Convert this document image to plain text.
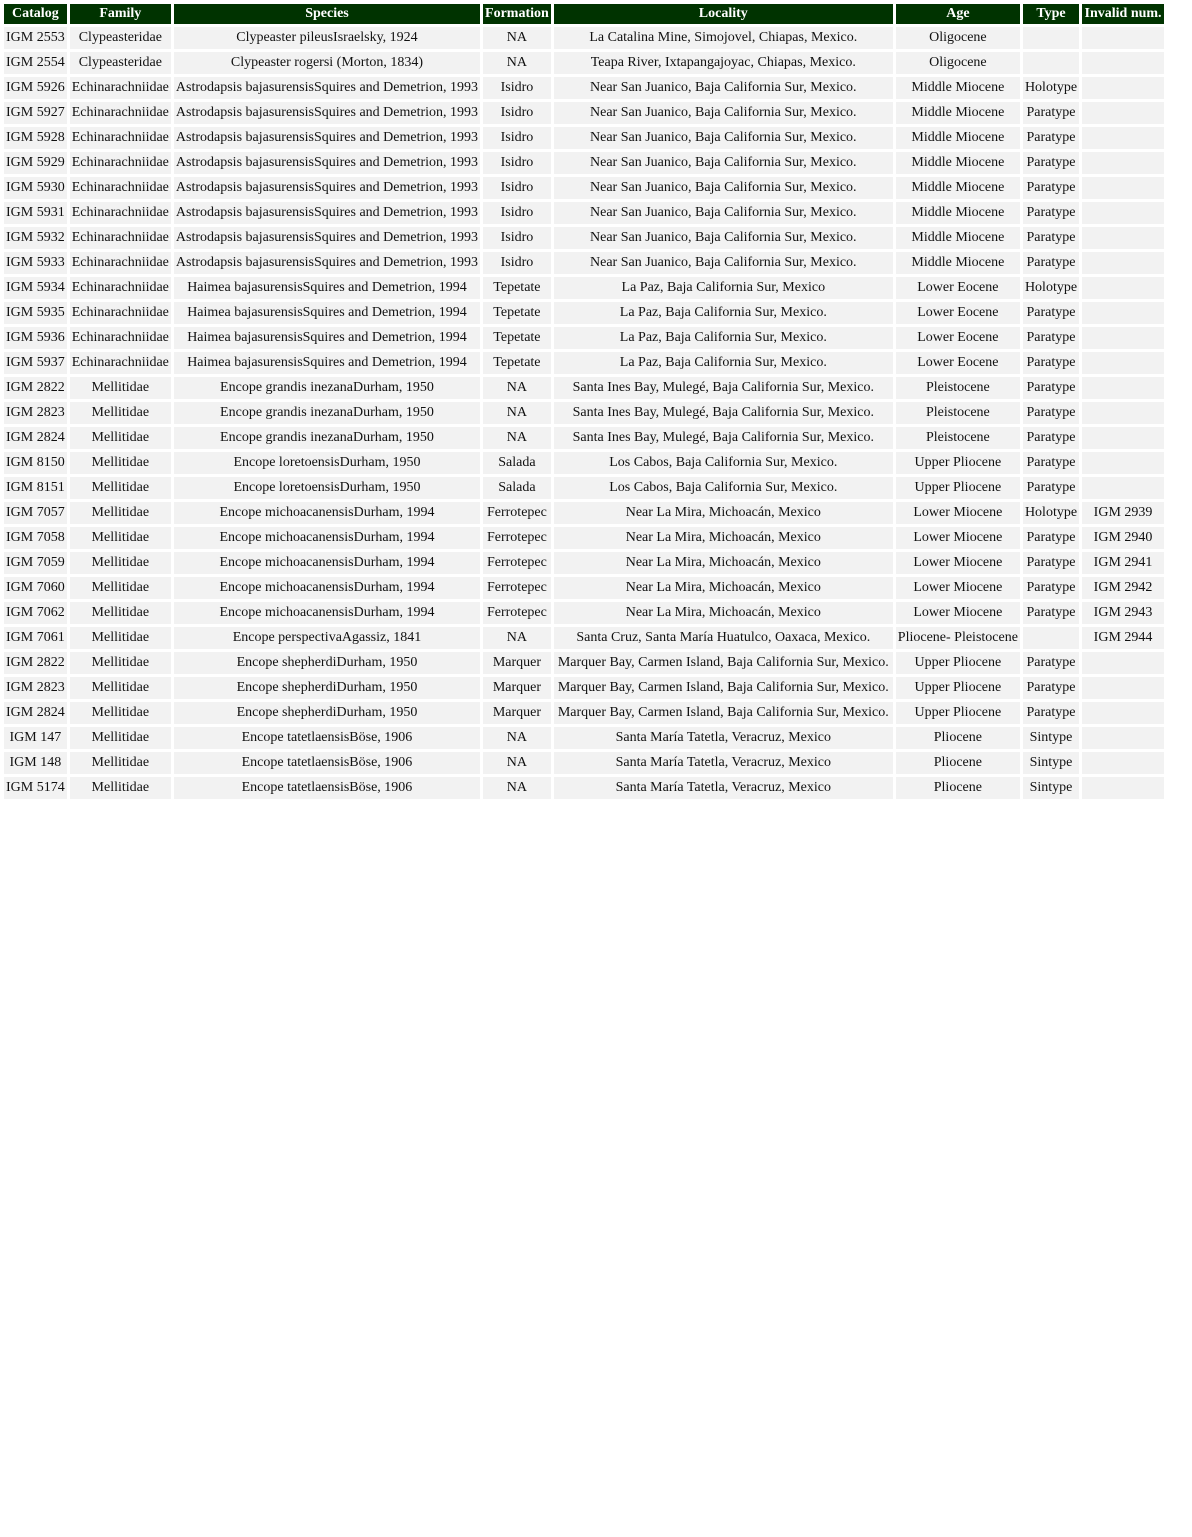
Catalog	Family	Species	Formation	Locality	Age	Type	Invalid num.
IGM 2553	Clypeasteridae	Clypeaster pileusIsraelsky, 1924	NA	La Catalina Mine, Simojovel, Chiapas, Mexico.	Oligocene		
IGM 2554	Clypeasteridae	Clypeaster rogersi (Morton, 1834)	NA	Teapa River, Ixtapangajoyac, Chiapas, Mexico.	Oligocene		
IGM 5926	Echinarachniidae	Astrodapsis bajasurensisSquires and Demetrion, 1993	Isidro	Near San Juanico, Baja California Sur, Mexico.	Middle Miocene	Holotype	
IGM 5927	Echinarachniidae	Astrodapsis bajasurensisSquires and Demetrion, 1993	Isidro	Near San Juanico, Baja California Sur, Mexico.	Middle Miocene	Paratype	
IGM 5928	Echinarachniidae	Astrodapsis bajasurensisSquires and Demetrion, 1993	Isidro	Near San Juanico, Baja California Sur, Mexico.	Middle Miocene	Paratype	
IGM 5929	Echinarachniidae	Astrodapsis bajasurensisSquires and Demetrion, 1993	Isidro	Near San Juanico, Baja California Sur, Mexico.	Middle Miocene	Paratype	
IGM 5930	Echinarachniidae	Astrodapsis bajasurensisSquires and Demetrion, 1993	Isidro	Near San Juanico, Baja California Sur, Mexico.	Middle Miocene	Paratype	
IGM 5931	Echinarachniidae	Astrodapsis bajasurensisSquires and Demetrion, 1993	Isidro	Near San Juanico, Baja California Sur, Mexico.	Middle Miocene	Paratype	
IGM 5932	Echinarachniidae	Astrodapsis bajasurensisSquires and Demetrion, 1993	Isidro	Near San Juanico, Baja California Sur, Mexico.	Middle Miocene	Paratype	
IGM 5933	Echinarachniidae	Astrodapsis bajasurensisSquires and Demetrion, 1993	Isidro	Near San Juanico, Baja California Sur, Mexico.	Middle Miocene	Paratype	
IGM 5934	Echinarachniidae	Haimea bajasurensisSquires and Demetrion, 1994	Tepetate	La Paz, Baja California Sur, Mexico	Lower Eocene	Holotype	
IGM 5935	Echinarachniidae	Haimea bajasurensisSquires and Demetrion, 1994	Tepetate	La Paz, Baja California Sur, Mexico.	Lower Eocene	Paratype	
IGM 5936	Echinarachniidae	Haimea bajasurensisSquires and Demetrion, 1994	Tepetate	La Paz, Baja California Sur, Mexico.	Lower Eocene	Paratype	
IGM 5937	Echinarachniidae	Haimea bajasurensisSquires and Demetrion, 1994	Tepetate	La Paz, Baja California Sur, Mexico.	Lower Eocene	Paratype	
IGM 2822	Mellitidae	Encope grandis inezanaDurham, 1950	NA	Santa Ines Bay, Mulegé, Baja California Sur, Mexico.	Pleistocene	Paratype	
IGM 2823	Mellitidae	Encope grandis inezanaDurham, 1950	NA	Santa Ines Bay, Mulegé, Baja California Sur, Mexico.	Pleistocene	Paratype	
IGM 2824	Mellitidae	Encope grandis inezanaDurham, 1950	NA	Santa Ines Bay, Mulegé, Baja California Sur, Mexico.	Pleistocene	Paratype	
IGM 8150	Mellitidae	Encope loretoensisDurham, 1950	Salada	Los Cabos, Baja California Sur, Mexico.	Upper Pliocene	Paratype	
IGM 8151	Mellitidae	Encope loretoensisDurham, 1950	Salada	Los Cabos, Baja California Sur, Mexico.	Upper Pliocene	Paratype	
IGM 7057	Mellitidae	Encope michoacanensisDurham, 1994	Ferrotepec	Near La Mira, Michoacán, Mexico	Lower Miocene	Holotype	IGM 2939
IGM 7058	Mellitidae	Encope michoacanensisDurham, 1994	Ferrotepec	Near La Mira, Michoacán, Mexico	Lower Miocene	Paratype	IGM 2940
IGM 7059	Mellitidae	Encope michoacanensisDurham, 1994	Ferrotepec	Near La Mira, Michoacán, Mexico	Lower Miocene	Paratype	IGM 2941
IGM 7060	Mellitidae	Encope michoacanensisDurham, 1994	Ferrotepec	Near La Mira, Michoacán, Mexico	Lower Miocene	Paratype	IGM 2942
IGM 7062	Mellitidae	Encope michoacanensisDurham, 1994	Ferrotepec	Near La Mira, Michoacán, Mexico	Lower Miocene	Paratype	IGM 2943
IGM 7061	Mellitidae	Encope perspectivaAgassiz, 1841	NA	Santa Cruz, Santa María Huatulco, Oaxaca, Mexico.	Pliocene- Pleistocene		IGM 2944
IGM 2822	Mellitidae	Encope shepherdiDurham, 1950	Marquer	Marquer Bay, Carmen Island, Baja California Sur, Mexico.	Upper Pliocene	Paratype	
IGM 2823	Mellitidae	Encope shepherdiDurham, 1950	Marquer	Marquer Bay, Carmen Island, Baja California Sur, Mexico.	Upper Pliocene	Paratype	
IGM 2824	Mellitidae	Encope shepherdiDurham, 1950	Marquer	Marquer Bay, Carmen Island, Baja California Sur, Mexico.	Upper Pliocene	Paratype	
IGM 147	Mellitidae	Encope tatetlaensisBöse, 1906	NA	Santa María Tatetla, Veracruz, Mexico	Pliocene	Sintype	
IGM 148	Mellitidae	Encope tatetlaensisBöse, 1906	NA	Santa María Tatetla, Veracruz, Mexico	Pliocene	Sintype	
IGM 5174	Mellitidae	Encope tatetlaensisBöse, 1906	NA	Santa María Tatetla, Veracruz, Mexico	Pliocene	Sintype	
